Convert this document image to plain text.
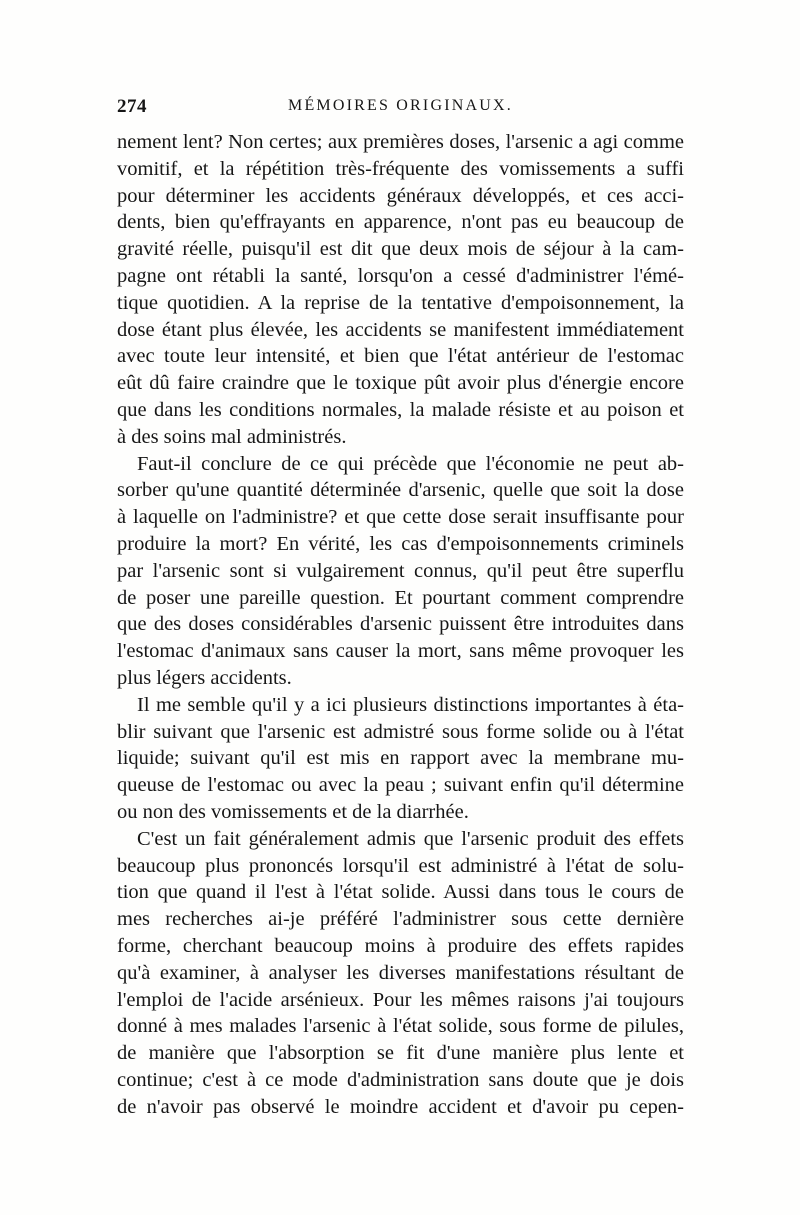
274	MÉMOIRES ORIGINAUX.
nement lent? Non certes; aux premières doses, l'arsenic a agi comme
vomitif, et la répétition très-fréquente des vomissements a suffi
pour déterminer les accidents généraux développés, et ces acci-
dents, bien qu'effrayants en apparence, n'ont pas eu beaucoup de
gravité réelle, puisqu'il est dit que deux mois de séjour à la cam-
pagne ont rétabli la santé, lorsqu'on a cessé d'administrer l'émé-
tique quotidien. A la reprise de la tentative d'empoisonnement, la
dose étant plus élevée, les accidents se manifestent immédiatement
avec toute leur intensité, et bien que l'état antérieur de l'estomac
eût dû faire craindre que le toxique pût avoir plus d'énergie encore
que dans les conditions normales, la malade résiste et au poison et
à des soins mal administrés.
Faut-il conclure de ce qui précède que l'économie ne peut ab-
sorber qu'une quantité déterminée d'arsenic, quelle que soit la dose
à laquelle on l'administre? et que cette dose serait insuffisante pour
produire la mort? En vérité, les cas d'empoisonnements criminels
par l'arsenic sont si vulgairement connus, qu'il peut être superflu
de poser une pareille question. Et pourtant comment comprendre
que des doses considérables d'arsenic puissent être introduites dans
l'estomac d'animaux sans causer la mort, sans même provoquer les
plus légers accidents.
Il me semble qu'il y a ici plusieurs distinctions importantes à éta-
blir suivant que l'arsenic est admistré sous forme solide ou à l'état
liquide; suivant qu'il est mis en rapport avec la membrane mu-
queuse de l'estomac ou avec la peau ; suivant enfin qu'il détermine
ou non des vomissements et de la diarrhée.
C'est un fait généralement admis que l'arsenic produit des effets
beaucoup plus prononcés lorsqu'il est administré à l'état de solu-
tion que quand il l'est à l'état solide. Aussi dans tous le cours de
mes recherches ai-je préféré l'administrer sous cette dernière
forme, cherchant beaucoup moins à produire des effets rapides
qu'à examiner, à analyser les diverses manifestations résultant de
l'emploi de l'acide arsénieux. Pour les mêmes raisons j'ai toujours
donné à mes malades l'arsenic à l'état solide, sous forme de pilules,
de manière que l'absorption se fit d'une manière plus lente et
continue; c'est à ce mode d'administration sans doute que je dois
de n'avoir pas observé le moindre accident et d'avoir pu cepen-
